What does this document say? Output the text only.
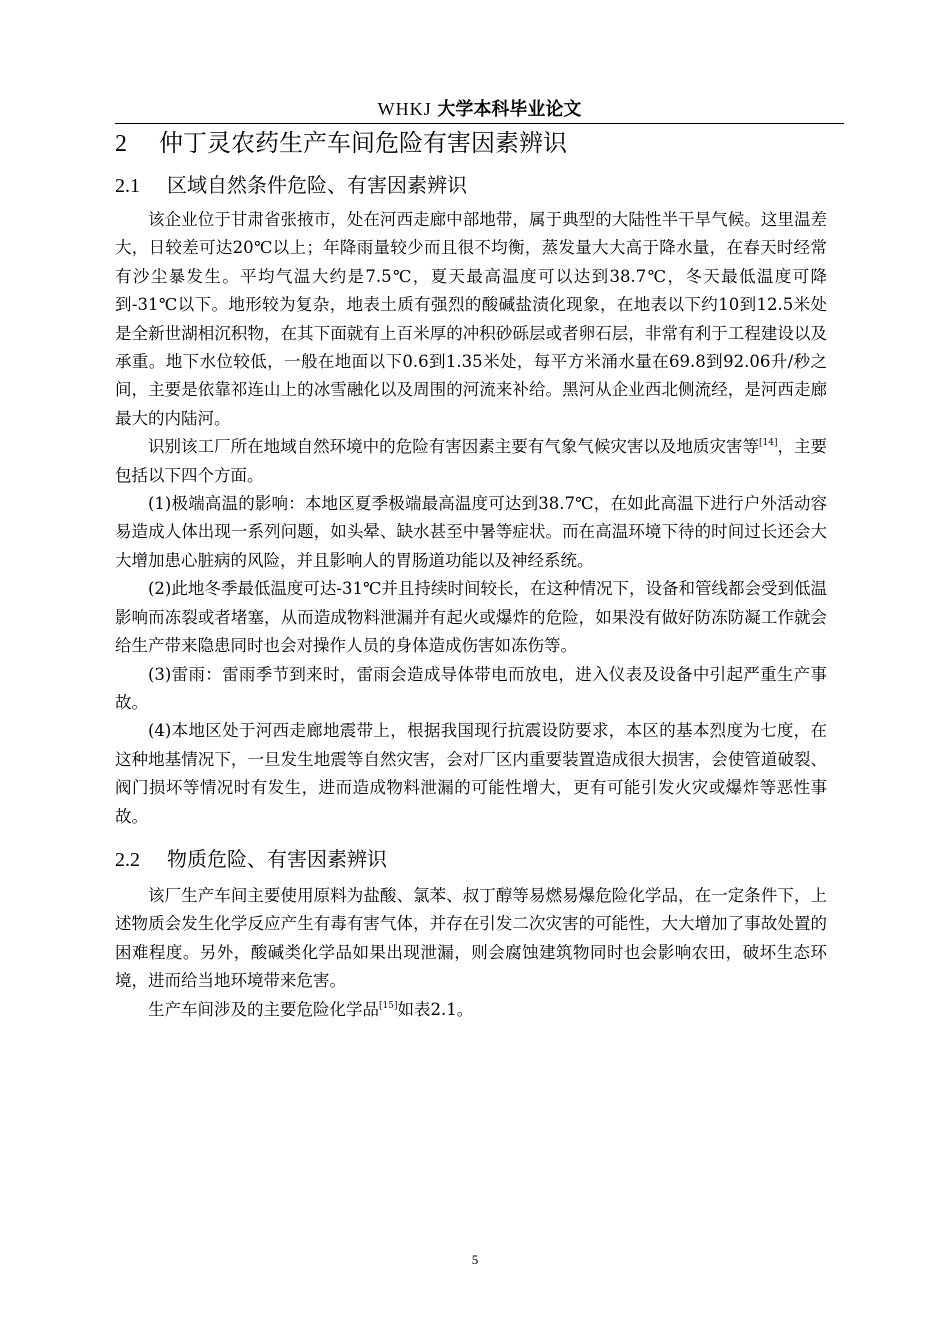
WHKJ 大学本科毕业论文
2 仲丁灵农药生产车间危险有害因素辨识
2.1 区域自然条件危险、有害因素辨识

该企业位于甘肃省张掖市，处在河西走廊中部地带，属于典型的大陆性半干旱气候。这里温差大，日较差可达20℃以上；年降雨量较少而且很不均衡，蒸发量大大高于降水量，在春天时经常有沙尘暴发生。平均气温大约是7.5℃，夏天最高温度可以达到38.7℃，冬天最低温度可降到-31℃以下。地形较为复杂，地表土质有强烈的酸碱盐渍化现象，在地表以下约10到12.5米处是全新世湖相沉积物，在其下面就有上百米厚的冲积砂砾层或者卵石层，非常有利于工程建设以及承重。地下水位较低，一般在地面以下0.6到1.35米处，每平方米涌水量在69.8到92.06升/秒之间，主要是依靠祁连山上的冰雪融化以及周围的河流来补给。黑河从企业西北侧流经，是河西走廊最大的内陆河。

识别该工厂所在地域自然环境中的危险有害因素主要有气象气候灾害以及地质灾害等[14]，主要包括以下四个方面。

(1)极端高温的影响：本地区夏季极端最高温度可达到38.7℃，在如此高温下进行户外活动容易造成人体出现一系列问题，如头晕、缺水甚至中暑等症状。而在高温环境下待的时间过长还会大大增加患心脏病的风险，并且影响人的胃肠道功能以及神经系统。

(2)此地冬季最低温度可达-31℃并且持续时间较长，在这种情况下，设备和管线都会受到低温影响而冻裂或者堵塞，从而造成物料泄漏并有起火或爆炸的危险，如果没有做好防冻防凝工作就会给生产带来隐患同时也会对操作人员的身体造成伤害如冻伤等。

(3)雷雨：雷雨季节到来时，雷雨会造成导体带电而放电，进入仪表及设备中引起严重生产事故。

(4)本地区处于河西走廊地震带上，根据我国现行抗震设防要求，本区的基本烈度为七度，在这种地基情况下，一旦发生地震等自然灾害，会对厂区内重要装置造成很大损害，会使管道破裂、阀门损坏等情况时有发生，进而造成物料泄漏的可能性增大，更有可能引发火灾或爆炸等恶性事故。

2.2 物质危险、有害因素辨识

该厂生产车间主要使用原料为盐酸、氯苯、叔丁醇等易燃易爆危险化学品，在一定条件下，上述物质会发生化学反应产生有毒有害气体，并存在引发二次灾害的可能性，大大增加了事故处置的困难程度。另外，酸碱类化学品如果出现泄漏，则会腐蚀建筑物同时也会影响农田，破坏生态环境，进而给当地环境带来危害。

生产车间涉及的主要危险化学品[15]如表2.1。

5
